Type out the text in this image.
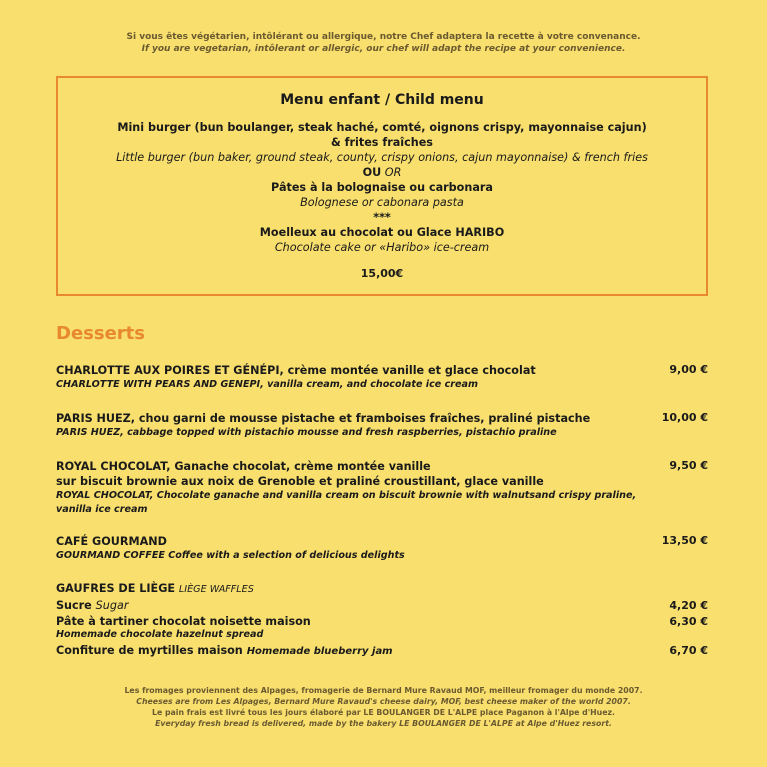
Si vous êtes végétarien, intôlérant ou allergique, notre Chef adaptera la recette à votre convenance.
If you are vegetarian, intôlerant or allergic, our chef will adapt the recipe at your convenience.
Menu enfant / Child menu
Mini burger (bun boulanger, steak haché, comté, oignons crispy, mayonnaise cajun)
& frites fraîches
Little burger (bun baker, ground steak, county, crispy onions, cajun mayonnaise) & french fries
OU OR
Pâtes à la bolognaise ou carbonara
Bolognese or cabonara pasta
***
Moelleux au chocolat ou Glace HARIBO
Chocolate cake or «Haribo» ice-cream
15,00€
Desserts
CHARLOTTE AUX POIRES ET GÉNÉPI, crème montée vanille et glace chocolat
CHARLOTTE WITH PEARS AND GENEPI, vanilla cream, and chocolate ice cream
9,00 €
PARIS HUEZ, chou garni de mousse pistache et framboises fraîches, praliné pistache
PARIS HUEZ, cabbage topped with pistachio mousse and fresh raspberries, pistachio praline
10,00 €
ROYAL CHOCOLAT, Ganache chocolat, crème montée vanille
sur biscuit brownie aux noix de Grenoble et praliné croustillant, glace vanille
ROYAL CHOCOLAT, Chocolate ganache and vanilla cream on biscuit brownie with walnutsand crispy praline,
vanilla ice cream
9,50 €
CAFÉ GOURMAND
GOURMAND COFFEE Coffee with a selection of delicious delights
13,50 €
GAUFRES DE LIÈGE LIÈGE WAFFLES
Sucre Sugar	4,20 €
Pâte à tartiner chocolat noisette maison	6,30 €
Homemade chocolate hazelnut spread
Confiture de myrtilles maison Homemade blueberry jam	6,70 €
Les fromages proviennent des Alpages, fromagerie de Bernard Mure Ravaud MOF, meilleur fromager du monde 2007.
Cheeses are from Les Alpages, Bernard Mure Ravaud's cheese dairy, MOF, best cheese maker of the world 2007.
Le pain frais est livré tous les jours élaboré par LE BOULANGER DE L'ALPE place Paganon à l'Alpe d'Huez.
Everyday fresh bread is delivered, made by the bakery LE BOULANGER DE L'ALPE at Alpe d'Huez resort.
